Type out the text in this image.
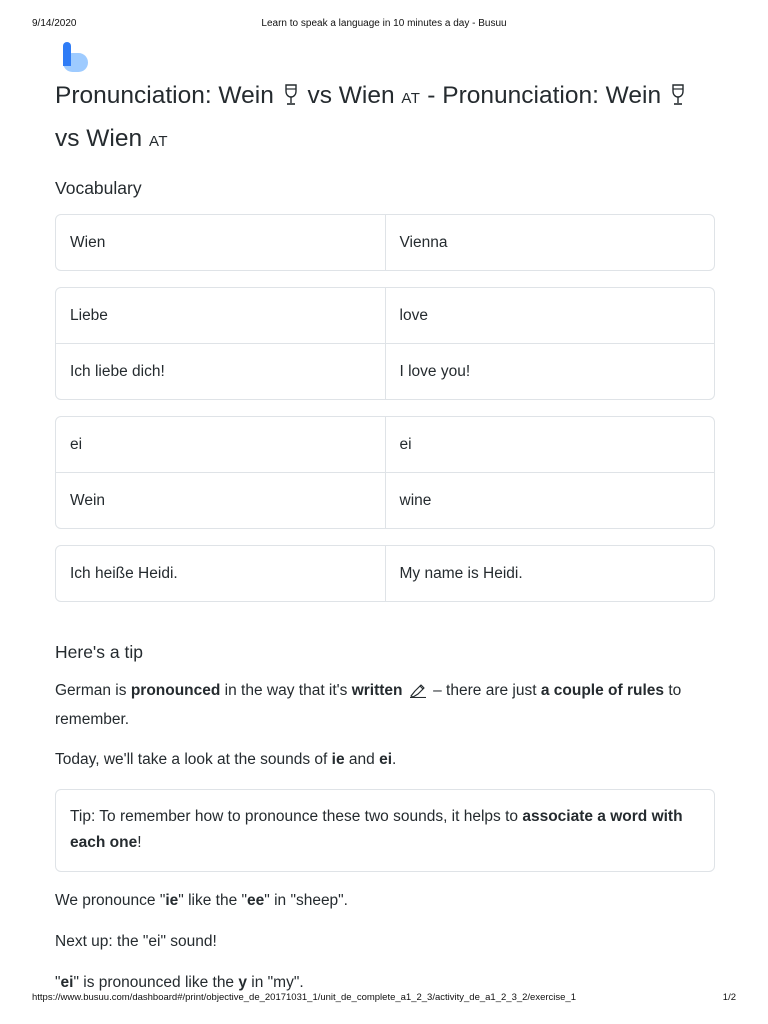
9/14/2020	Learn to speak a language in 10 minutes a day - Busuu
Pronunciation: Wein vs Wien AT - Pronunciation: Wein  vs Wien AT
Vocabulary
Wien	Vienna
Liebe	love
Ich liebe dich!	I love you!
ei	ei
Wein	wine
Ich heiße Heidi.	My name is Heidi.
Here's a tip

German is pronounced in the way that it's written  – there are just a couple of rules to remember.

Today, we'll take a look at the sounds of ie and ei.

Tip: To remember how to pronounce these two sounds, it helps to associate a word with each one!

We pronounce "ie" like the "ee" in "sheep".

Next up: the "ei" sound!

"ei" is pronounced like the y in "my".

https://www.busuu.com/dashboard#/print/objective_de_20171031_1/unit_de_complete_a1_2_3/activity_de_a1_2_3_2/exercise_1	1/2
